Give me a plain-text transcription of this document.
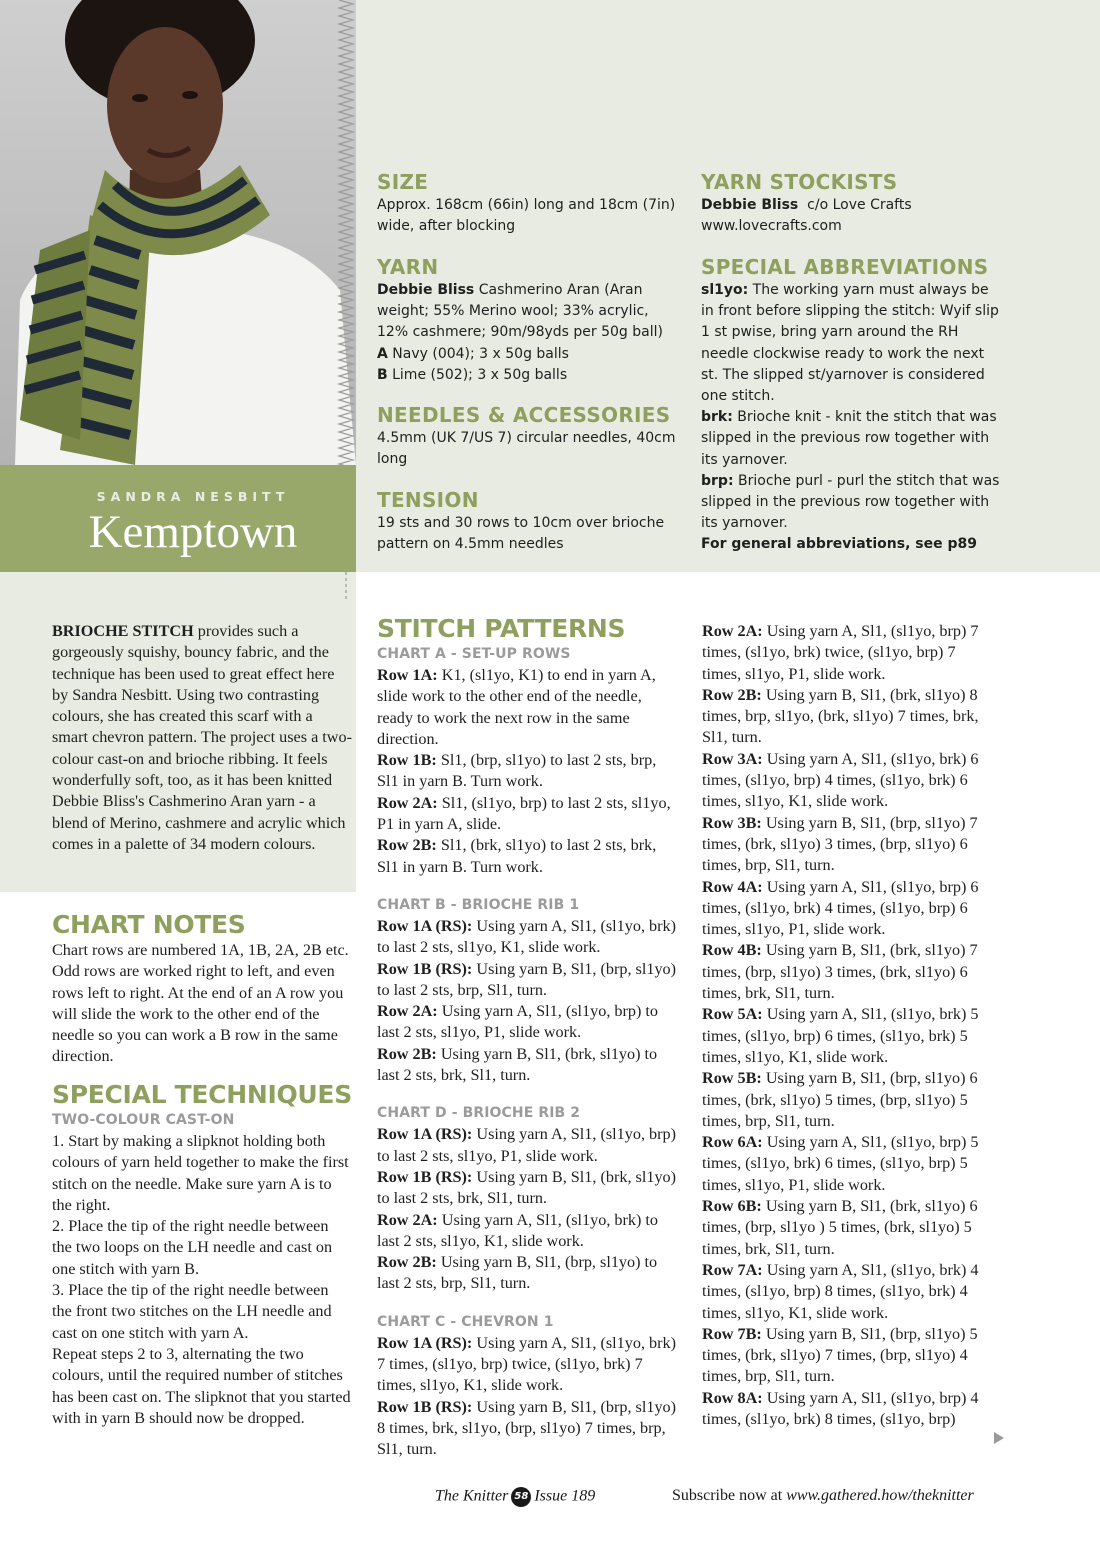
SANDRA NESBITT
Kemptown

SIZE

Approx. 168cm (66in) long and 18cm (7in) wide, after blocking

YARN

Debbie Bliss Cashmerino Aran (Aran weight; 55% Merino wool; 33% acrylic, 12% cashmere; 90m/98yds per 50g ball)

A Navy (004); 3 x 50g balls

B Lime (502); 3 x 50g balls

NEEDLES & ACCESSORIES

4.5mm (UK 7/US 7) circular needles, 40cm long

TENSION

19 sts and 30 rows to 10cm over brioche pattern on 4.5mm needles

YARN STOCKISTS

Debbie Bliss  c/o Love Crafts

www.lovecrafts.com

SPECIAL ABBREVIATIONS

sl1yo: The working yarn must always be in front before slipping the stitch: Wyif slip 1 st pwise, bring yarn around the RH needle clockwise ready to work the next st. The slipped st/yarnover is considered one stitch.

brk: Brioche knit - knit the stitch that was slipped in the previous row together with its yarnover.

brp: Brioche purl - purl the stitch that was slipped in the previous row together with its yarnover.

For general abbreviations, see p89

BRIOCHE STITCH provides such a gorgeously squishy, bouncy fabric, and the technique has been used to great effect here by Sandra Nesbitt. Using two contrasting colours, she has created this scarf with a smart chevron pattern. The project uses a two-colour cast-on and brioche ribbing. It feels wonderfully soft, too, as it has been knitted Debbie Bliss's Cashmerino Aran yarn - a blend of Merino, cashmere and acrylic which comes in a palette of 34 modern colours.

CHART NOTES

Chart rows are numbered 1A, 1B, 2A, 2B etc. Odd rows are worked right to left, and even rows left to right. At the end of an A row you will slide the work to the other end of the needle so you can work a B row in the same direction.

SPECIAL TECHNIQUES

TWO-COLOUR CAST-ON

1. Start by making a slipknot holding both colours of yarn held together to make the first stitch on the needle. Make sure yarn A is to the right.

2. Place the tip of the right needle between the two loops on the LH needle and cast on one stitch with yarn B.

3. Place the tip of the right needle between the front two stitches on the LH needle and cast on one stitch with yarn A.

Repeat steps 2 to 3, alternating the two colours, until the required number of stitches has been cast on. The slipknot that you started with in yarn B should now be dropped.

STITCH PATTERNS

CHART A - SET-UP ROWS

Row 1A: K1, (sl1yo, K1) to end in yarn A, slide work to the other end of the needle, ready to work the next row in the same direction.

Row 1B: Sl1, (brp, sl1yo) to last 2 sts, brp, Sl1 in yarn B. Turn work.

Row 2A: Sl1, (sl1yo, brp) to last 2 sts, sl1yo, P1 in yarn A, slide.

Row 2B: Sl1, (brk, sl1yo) to last 2 sts, brk, Sl1 in yarn B. Turn work.

CHART B - BRIOCHE RIB 1

Row 1A (RS): Using yarn A, Sl1, (sl1yo, brk) to last 2 sts, sl1yo, K1, slide work.

Row 1B (RS): Using yarn B, Sl1, (brp, sl1yo) to last 2 sts, brp, Sl1, turn.

Row 2A: Using yarn A, Sl1, (sl1yo, brp) to last 2 sts, sl1yo, P1, slide work.

Row 2B: Using yarn B, Sl1, (brk, sl1yo) to last 2 sts, brk, Sl1, turn.

CHART D - BRIOCHE RIB 2

Row 1A (RS): Using yarn A, Sl1, (sl1yo, brp) to last 2 sts, sl1yo, P1, slide work.

Row 1B (RS): Using yarn B, Sl1, (brk, sl1yo) to last 2 sts, brk, Sl1, turn.

Row 2A: Using yarn A, Sl1, (sl1yo, brk) to last 2 sts, sl1yo, K1, slide work.

Row 2B: Using yarn B, Sl1, (brp, sl1yo) to last 2 sts, brp, Sl1, turn.

CHART C - CHEVRON 1

Row 1A (RS): Using yarn A, Sl1, (sl1yo, brk) 7 times, (sl1yo, brp) twice, (sl1yo, brk) 7 times, sl1yo, K1, slide work.

Row 1B (RS): Using yarn B, Sl1, (brp, sl1yo) 8 times, brk, sl1yo, (brp, sl1yo) 7 times, brp, Sl1, turn.

Row 2A: Using yarn A, Sl1, (sl1yo, brp) 7 times, (sl1yo, brk) twice, (sl1yo, brp) 7 times, sl1yo, P1, slide work.

Row 2B: Using yarn B, Sl1, (brk, sl1yo) 8 times, brp, sl1yo, (brk, sl1yo) 7 times, brk, Sl1, turn.

Row 3A: Using yarn A, Sl1, (sl1yo, brk) 6 times, (sl1yo, brp) 4 times, (sl1yo, brk) 6 times, sl1yo, K1, slide work.

Row 3B: Using yarn B, Sl1, (brp, sl1yo) 7 times, (brk, sl1yo) 3 times, (brp, sl1yo) 6 times, brp, Sl1, turn.

Row 4A: Using yarn A, Sl1, (sl1yo, brp) 6 times, (sl1yo, brk) 4 times, (sl1yo, brp) 6 times, sl1yo, P1, slide work.

Row 4B: Using yarn B, Sl1, (brk, sl1yo) 7 times, (brp, sl1yo) 3 times, (brk, sl1yo) 6 times, brk, Sl1, turn.

Row 5A: Using yarn A, Sl1, (sl1yo, brk) 5 times, (sl1yo, brp) 6 times, (sl1yo, brk) 5 times, sl1yo, K1, slide work.

Row 5B: Using yarn B, Sl1, (brp, sl1yo) 6 times, (brk, sl1yo) 5 times, (brp, sl1yo) 5 times, brp, Sl1, turn.

Row 6A: Using yarn A, Sl1, (sl1yo, brp) 5 times, (sl1yo, brk) 6 times, (sl1yo, brp) 5 times, sl1yo, P1, slide work.

Row 6B: Using yarn B, Sl1, (brk, sl1yo) 6 times, (brp, sl1yo ) 5 times, (brk, sl1yo) 5 times, brk, Sl1, turn.

Row 7A: Using yarn A, Sl1, (sl1yo, brk) 4 times, (sl1yo, brp) 8 times, (sl1yo, brk) 4 times, sl1yo, K1, slide work.

Row 7B: Using yarn B, Sl1, (brp, sl1yo) 5 times, (brk, sl1yo) 7 times, (brp, sl1yo) 4 times, brp, Sl1, turn.

Row 8A: Using yarn A, Sl1, (sl1yo, brp) 4 times, (sl1yo, brk) 8 times, (sl1yo, brp)

The Knitter 58 Issue 189	Subscribe now at www.gathered.how/theknitter
